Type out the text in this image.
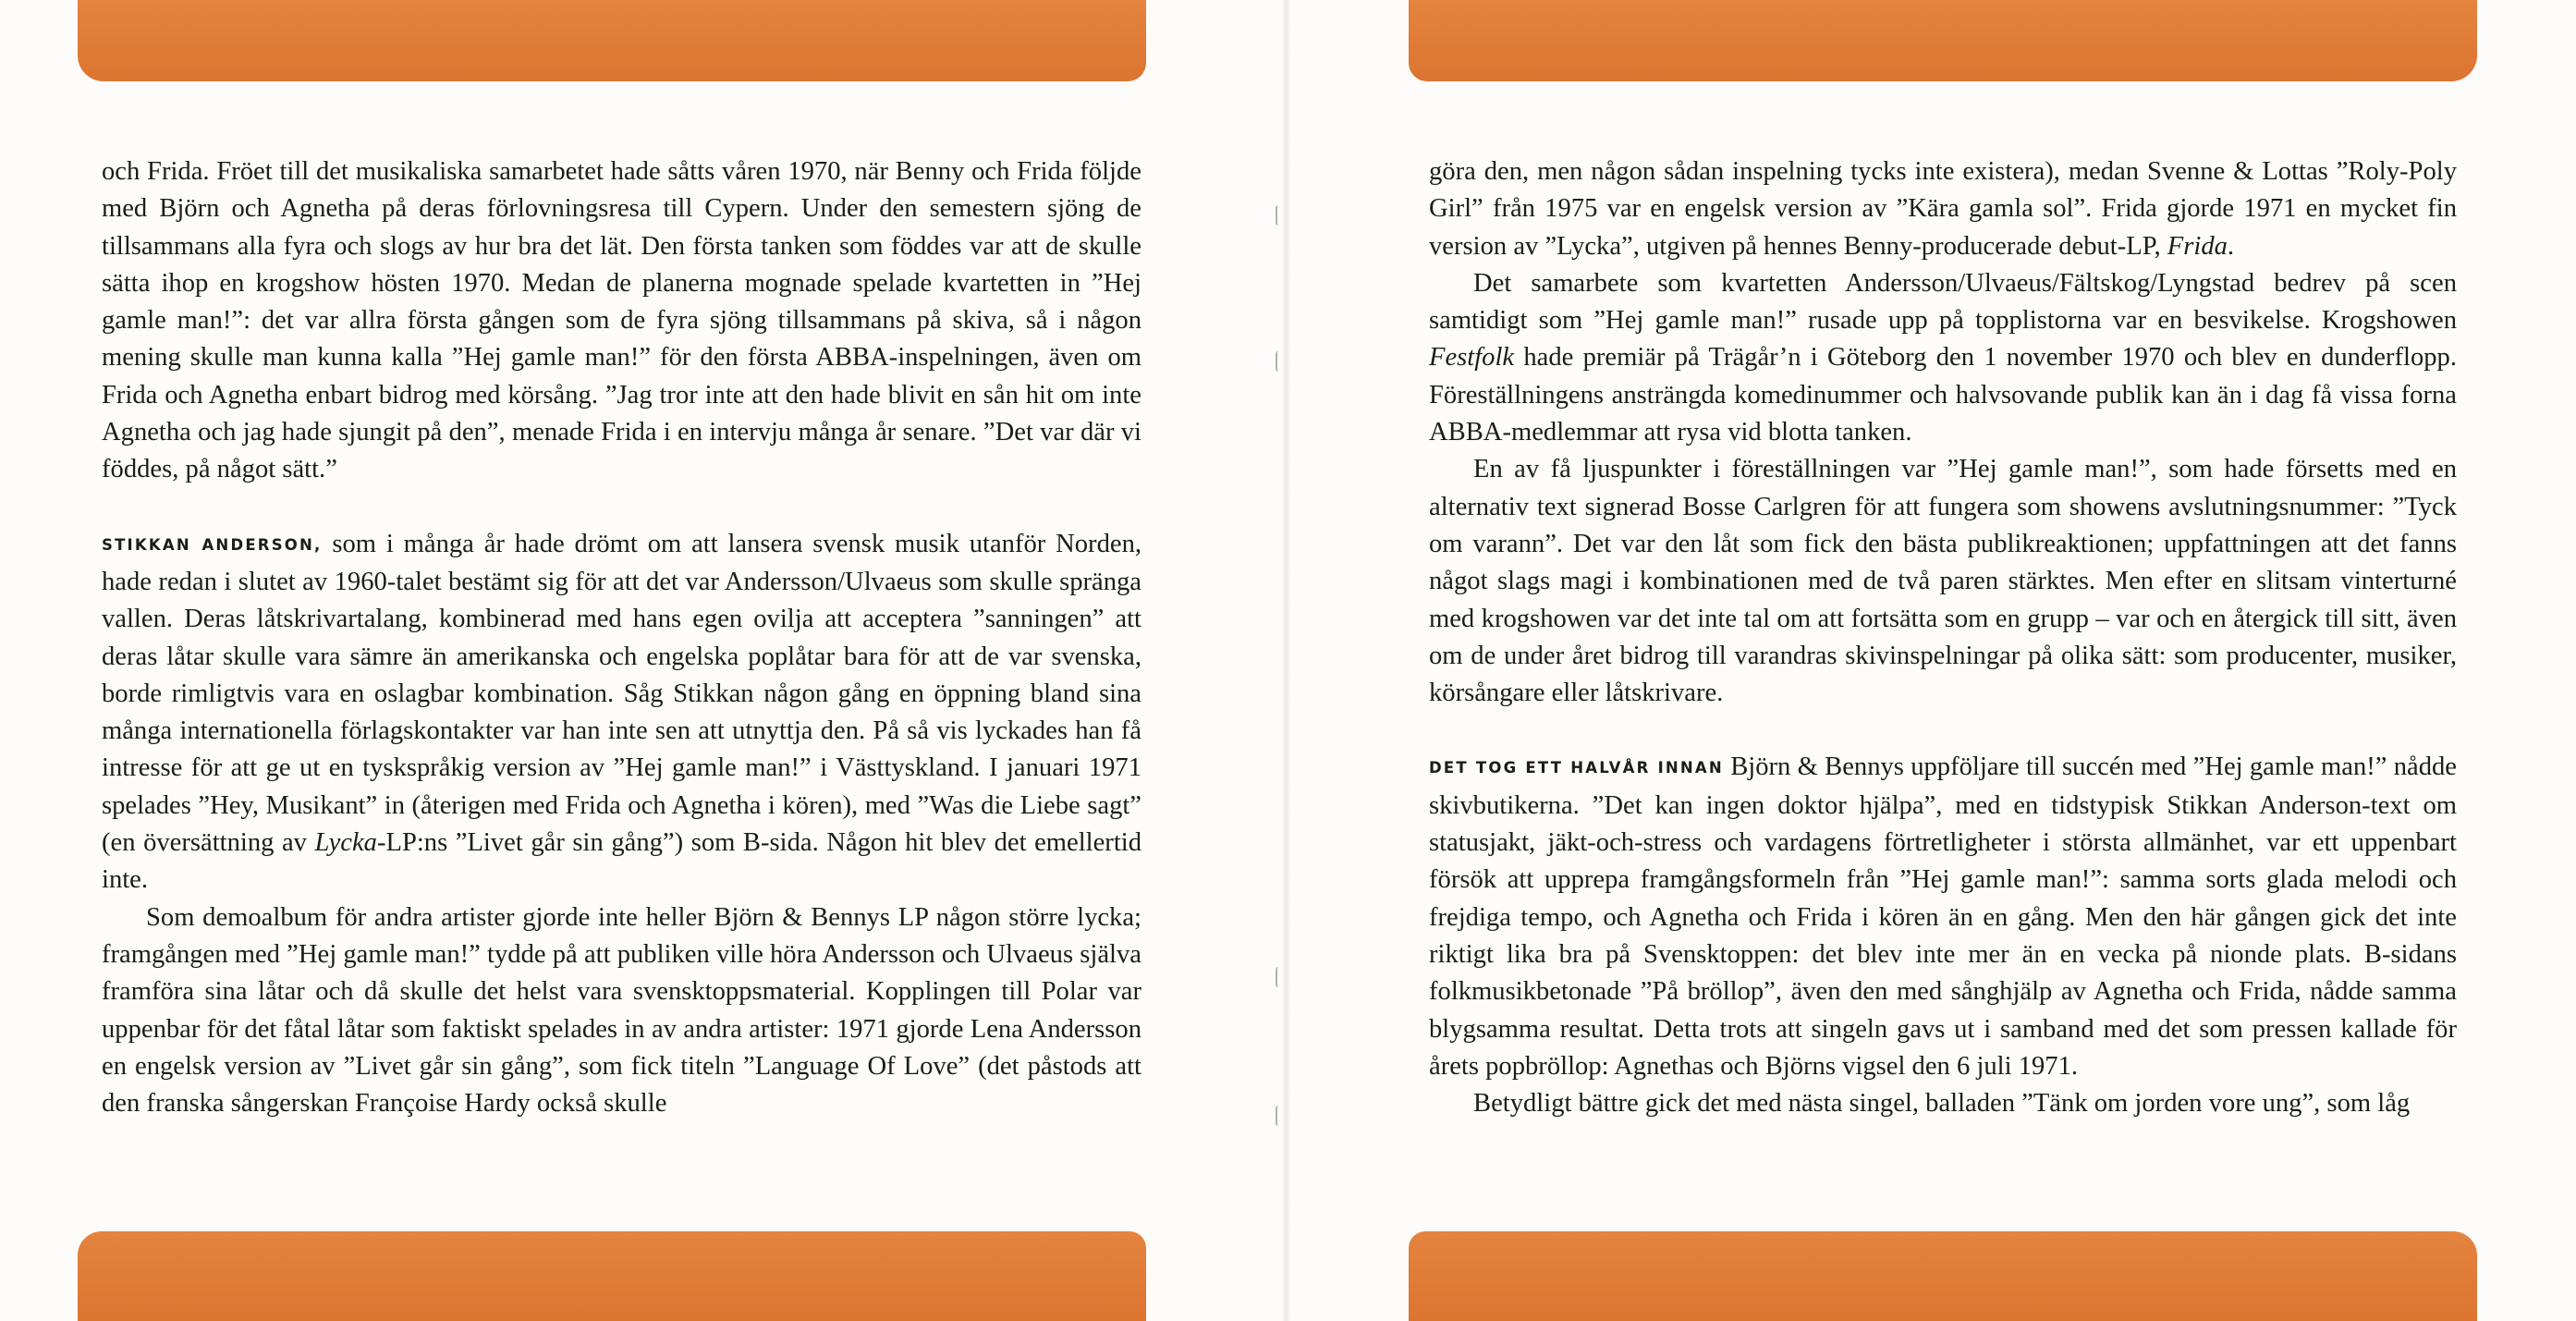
och Frida. Fröet till det musikaliska samarbetet hade såtts våren 1970, när Benny och Frida följde med Björn och Agnetha på deras förlovningsresa till Cypern. Under den semestern sjöng de tillsammans alla fyra och slogs av hur bra det lät. Den första tanken som föddes var att de skulle sätta ihop en krogshow hösten 1970. Medan de planerna mognade spelade kvartetten in ”Hej gamle man!”: det var allra första gången som de fyra sjöng tillsammans på skiva, så i någon mening skulle man kunna kalla ”Hej gamle man!” för den första ABBA-inspelningen, även om Frida och Agnetha enbart bidrog med körsång. ”Jag tror inte att den hade blivit en sån hit om inte Agnetha och jag hade sjungit på den”, menade Frida i en intervju många år senare. ”Det var där vi föddes, på något sätt.”

STIKKAN ANDERSON, som i många år hade drömt om att lansera svensk musik utanför Norden, hade redan i slutet av 1960-talet bestämt sig för att det var Andersson/Ulvaeus som skulle spränga vallen. Deras låtskrivartalang, kombinerad med hans egen ovilja att acceptera ”sanningen” att deras låtar skulle vara sämre än amerikanska och engelska poplåtar bara för att de var svenska, borde rimligtvis vara en oslagbar kombination. Såg Stikkan någon gång en öppning bland sina många internationella förlagskontakter var han inte sen att utnyttja den. På så vis lyckades han få intresse för att ge ut en tyskspråkig version av ”Hej gamle man!” i Västtyskland. I januari 1971 spelades ”Hey, Musikant” in (återigen med Frida och Agnetha i kören), med ”Was die Liebe sagt” (en översättning av Lycka-LP:ns ”Livet går sin gång”) som B-sida. Någon hit blev det emellertid inte.

Som demoalbum för andra artister gjorde inte heller Björn & Bennys LP någon större lycka; framgången med ”Hej gamle man!” tydde på att publiken ville höra Andersson och Ulvaeus själva framföra sina låtar och då skulle det helst vara svensktoppsmaterial. Kopplingen till Polar var uppenbar för det fåtal låtar som faktiskt spelades in av andra artister: 1971 gjorde Lena Andersson en engelsk version av ”Livet går sin gång”, som fick titeln ”Language Of Love” (det påstods att den franska sångerskan Françoise Hardy också skulle

göra den, men någon sådan inspelning tycks inte existera), medan Svenne & Lottas ”Roly-Poly Girl” från 1975 var en engelsk version av ”Kära gamla sol”. Frida gjorde 1971 en mycket fin version av ”Lycka”, utgiven på hennes Benny-producerade debut-LP, Frida.

Det samarbete som kvartetten Andersson/Ulvaeus/Fältskog/Lyngstad bedrev på scen samtidigt som ”Hej gamle man!” rusade upp på topplistorna var en besvikelse. Krogshowen Festfolk hade premiär på Trägår’n i Göteborg den 1 november 1970 och blev en dunderflopp. Föreställningens ansträngda komedinummer och halvsovande publik kan än i dag få vissa forna ABBA-medlemmar att rysa vid blotta tanken.

En av få ljuspunkter i föreställningen var ”Hej gamle man!”, som hade försetts med en alternativ text signerad Bosse Carlgren för att fungera som showens avslutningsnummer: ”Tyck om varann”. Det var den låt som fick den bästa publikreaktionen; uppfattningen att det fanns något slags magi i kombinationen med de två paren stärktes. Men efter en slitsam vinterturné med krogshowen var det inte tal om att fortsätta som en grupp – var och en återgick till sitt, även om de under året bidrog till varandras skivinspelningar på olika sätt: som producenter, musiker, körsångare eller låtskrivare.

DET TOG ETT HALVÅR INNAN Björn & Bennys uppföljare till succén med ”Hej gamle man!” nådde skivbutikerna. ”Det kan ingen doktor hjälpa”, med en tidstypisk Stikkan Anderson-text om statusjakt, jäkt-och-stress och vardagens förtretligheter i största allmänhet, var ett uppenbart försök att upprepa framgångsformeln från ”Hej gamle man!”: samma sorts glada melodi och frejdiga tempo, och Agnetha och Frida i kören än en gång. Men den här gången gick det inte riktigt lika bra på Svensktoppen: det blev inte mer än en vecka på nionde plats. B-sidans folkmusikbetonade ”På bröllop”, även den med sånghjälp av Agnetha och Frida, nådde samma blygsamma resultat. Detta trots att singeln gavs ut i samband med det som pressen kallade för årets popbröllop: Agnethas och Björns vigsel den 6 juli 1971.

Betydligt bättre gick det med nästa singel, balladen ”Tänk om jorden vore ung”, som låg
